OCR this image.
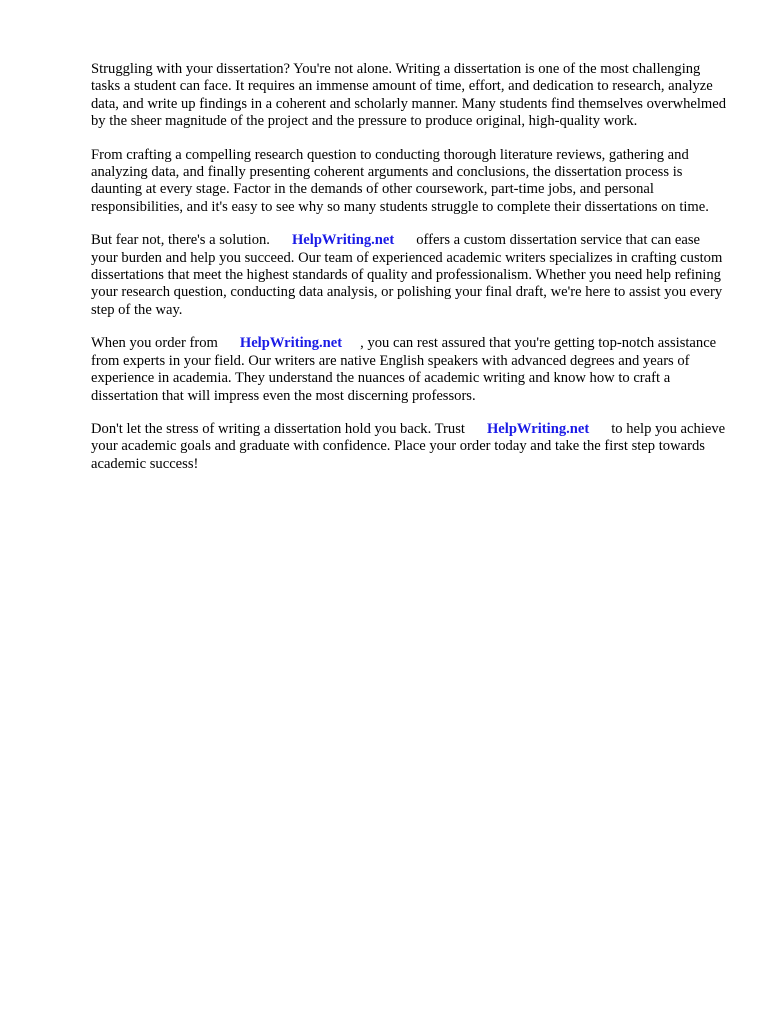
Struggling with your dissertation? You're not alone. Writing a dissertation is one of the most challenging tasks a student can face. It requires an immense amount of time, effort, and dedication to research, analyze data, and write up findings in a coherent and scholarly manner. Many students find themselves overwhelmed by the sheer magnitude of the project and the pressure to produce original, high-quality work.

From crafting a compelling research question to conducting thorough literature reviews, gathering and analyzing data, and finally presenting coherent arguments and conclusions, the dissertation process is daunting at every stage. Factor in the demands of other coursework, part-time jobs, and personal responsibilities, and it's easy to see why so many students struggle to complete their dissertations on time.

But fear not, there's a solution. HelpWriting.net offers a custom dissertation service that can ease your burden and help you succeed. Our team of experienced academic writers specializes in crafting custom dissertations that meet the highest standards of quality and professionalism. Whether you need help refining your research question, conducting data analysis, or polishing your final draft, we're here to assist you every step of the way.

When you order from HelpWriting.net , you can rest assured that you're getting top-notch assistance from experts in your field. Our writers are native English speakers with advanced degrees and years of experience in academia. They understand the nuances of academic writing and know how to craft a dissertation that will impress even the most discerning professors.

Don't let the stress of writing a dissertation hold you back. Trust HelpWriting.net to help you achieve your academic goals and graduate with confidence. Place your order today and take the first step towards academic success!
